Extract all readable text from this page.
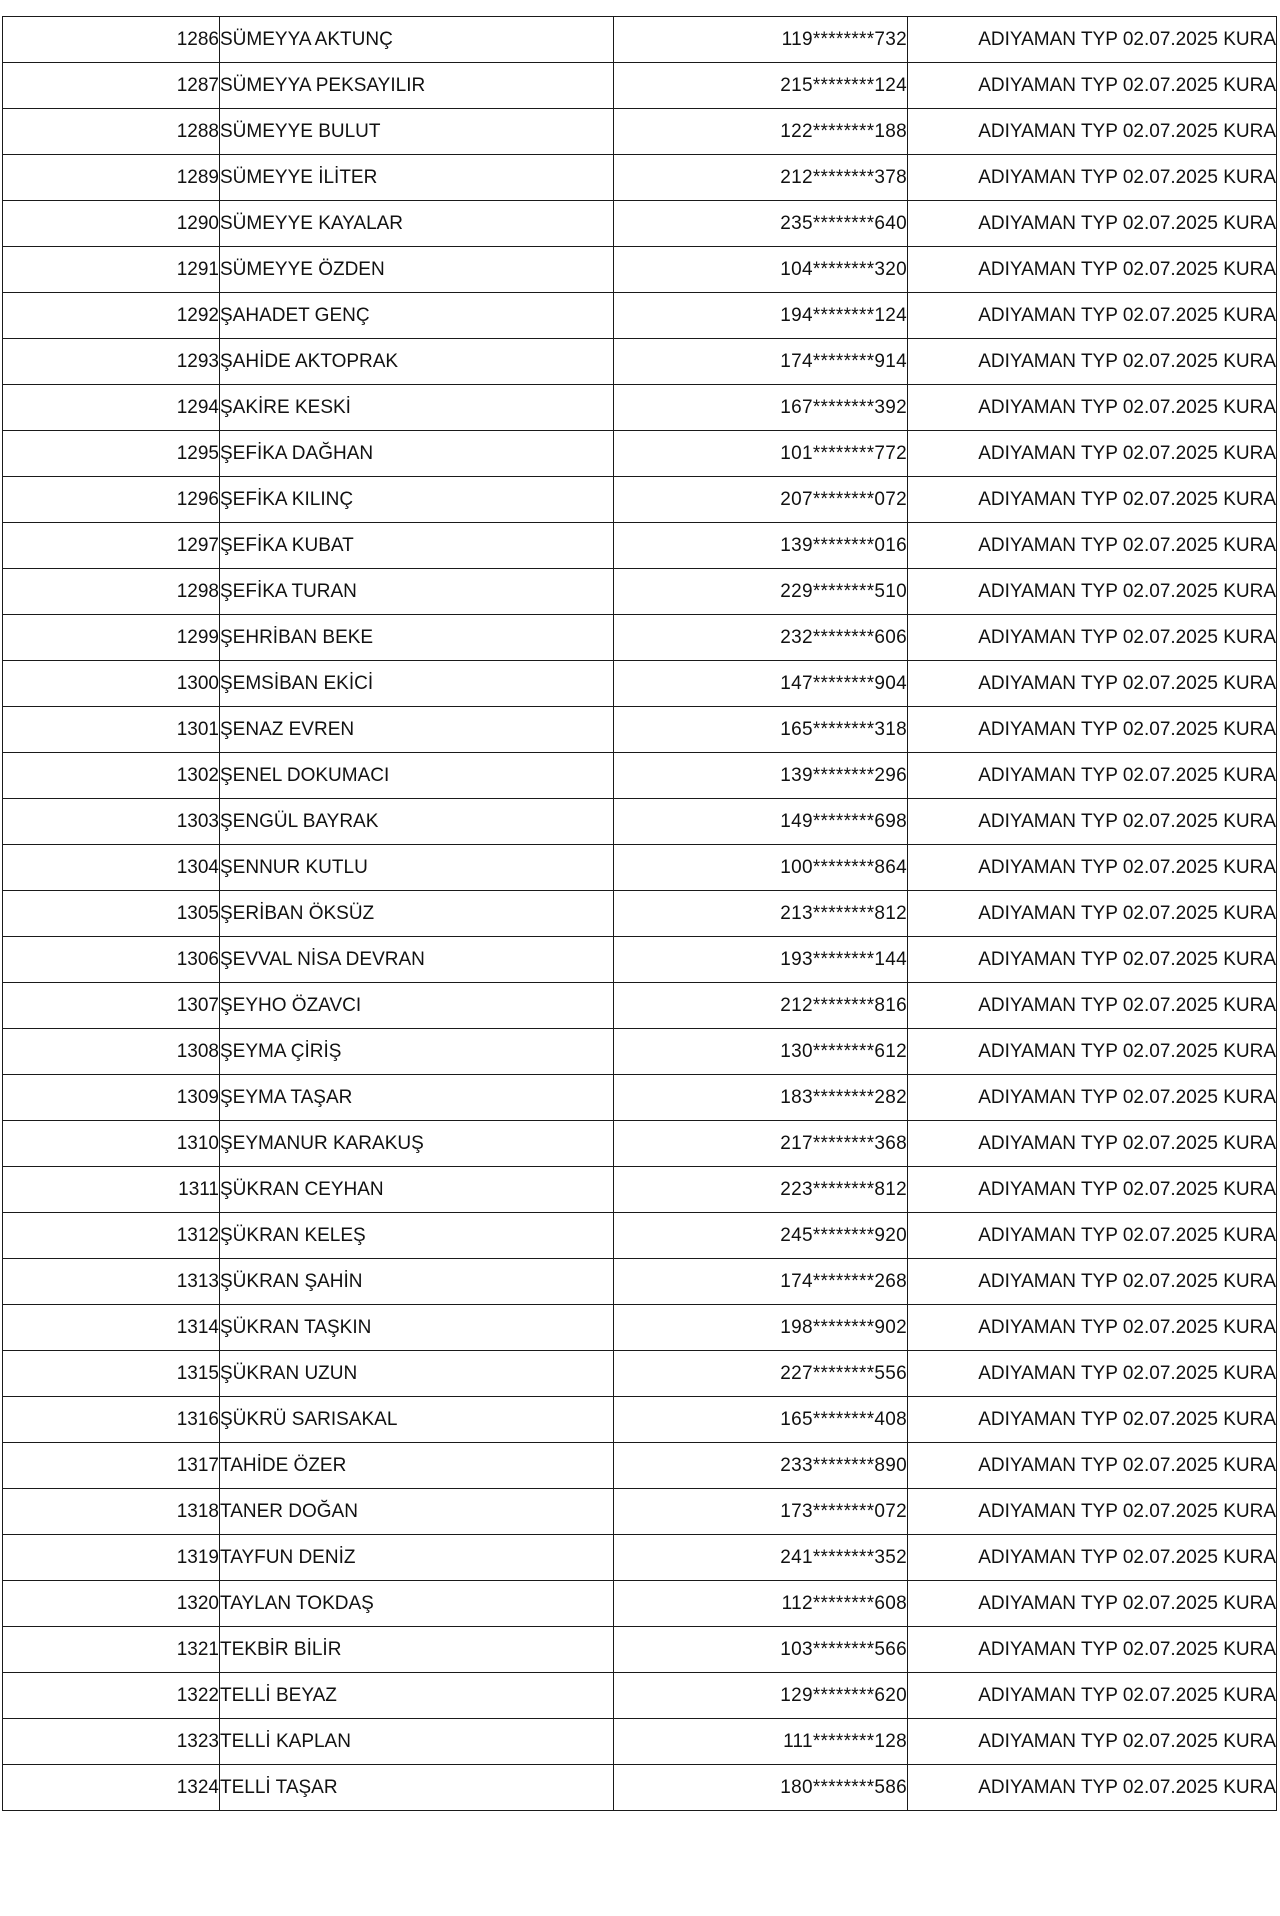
1286	SÜMEYYA AKTUNÇ	119********732	ADIYAMAN TYP 02.07.2025 KURA
1287	SÜMEYYA PEKSAYILIR	215********124	ADIYAMAN TYP 02.07.2025 KURA
1288	SÜMEYYE BULUT	122********188	ADIYAMAN TYP 02.07.2025 KURA
1289	SÜMEYYE İLİTER	212********378	ADIYAMAN TYP 02.07.2025 KURA
1290	SÜMEYYE KAYALAR	235********640	ADIYAMAN TYP 02.07.2025 KURA
1291	SÜMEYYE ÖZDEN	104********320	ADIYAMAN TYP 02.07.2025 KURA
1292	ŞAHADET GENÇ	194********124	ADIYAMAN TYP 02.07.2025 KURA
1293	ŞAHİDE AKTOPRAK	174********914	ADIYAMAN TYP 02.07.2025 KURA
1294	ŞAKİRE KESKİ	167********392	ADIYAMAN TYP 02.07.2025 KURA
1295	ŞEFİKA DAĞHAN	101********772	ADIYAMAN TYP 02.07.2025 KURA
1296	ŞEFİKA KILINÇ	207********072	ADIYAMAN TYP 02.07.2025 KURA
1297	ŞEFİKA KUBAT	139********016	ADIYAMAN TYP 02.07.2025 KURA
1298	ŞEFİKA TURAN	229********510	ADIYAMAN TYP 02.07.2025 KURA
1299	ŞEHRİBAN BEKE	232********606	ADIYAMAN TYP 02.07.2025 KURA
1300	ŞEMSİBAN EKİCİ	147********904	ADIYAMAN TYP 02.07.2025 KURA
1301	ŞENAZ EVREN	165********318	ADIYAMAN TYP 02.07.2025 KURA
1302	ŞENEL DOKUMACI	139********296	ADIYAMAN TYP 02.07.2025 KURA
1303	ŞENGÜL BAYRAK	149********698	ADIYAMAN TYP 02.07.2025 KURA
1304	ŞENNUR KUTLU	100********864	ADIYAMAN TYP 02.07.2025 KURA
1305	ŞERİBAN ÖKSÜZ	213********812	ADIYAMAN TYP 02.07.2025 KURA
1306	ŞEVVAL NİSA DEVRAN	193********144	ADIYAMAN TYP 02.07.2025 KURA
1307	ŞEYHO ÖZAVCI	212********816	ADIYAMAN TYP 02.07.2025 KURA
1308	ŞEYMA ÇİRİŞ	130********612	ADIYAMAN TYP 02.07.2025 KURA
1309	ŞEYMA TAŞAR	183********282	ADIYAMAN TYP 02.07.2025 KURA
1310	ŞEYMANUR KARAKUŞ	217********368	ADIYAMAN TYP 02.07.2025 KURA
1311	ŞÜKRAN CEYHAN	223********812	ADIYAMAN TYP 02.07.2025 KURA
1312	ŞÜKRAN KELEŞ	245********920	ADIYAMAN TYP 02.07.2025 KURA
1313	ŞÜKRAN ŞAHİN	174********268	ADIYAMAN TYP 02.07.2025 KURA
1314	ŞÜKRAN TAŞKIN	198********902	ADIYAMAN TYP 02.07.2025 KURA
1315	ŞÜKRAN UZUN	227********556	ADIYAMAN TYP 02.07.2025 KURA
1316	ŞÜKRÜ SARISAKAL	165********408	ADIYAMAN TYP 02.07.2025 KURA
1317	TAHİDE ÖZER	233********890	ADIYAMAN TYP 02.07.2025 KURA
1318	TANER DOĞAN	173********072	ADIYAMAN TYP 02.07.2025 KURA
1319	TAYFUN DENİZ	241********352	ADIYAMAN TYP 02.07.2025 KURA
1320	TAYLAN TOKDAŞ	112********608	ADIYAMAN TYP 02.07.2025 KURA
1321	TEKBİR BİLİR	103********566	ADIYAMAN TYP 02.07.2025 KURA
1322	TELLİ BEYAZ	129********620	ADIYAMAN TYP 02.07.2025 KURA
1323	TELLİ KAPLAN	111********128	ADIYAMAN TYP 02.07.2025 KURA
1324	TELLİ TAŞAR	180********586	ADIYAMAN TYP 02.07.2025 KURA
